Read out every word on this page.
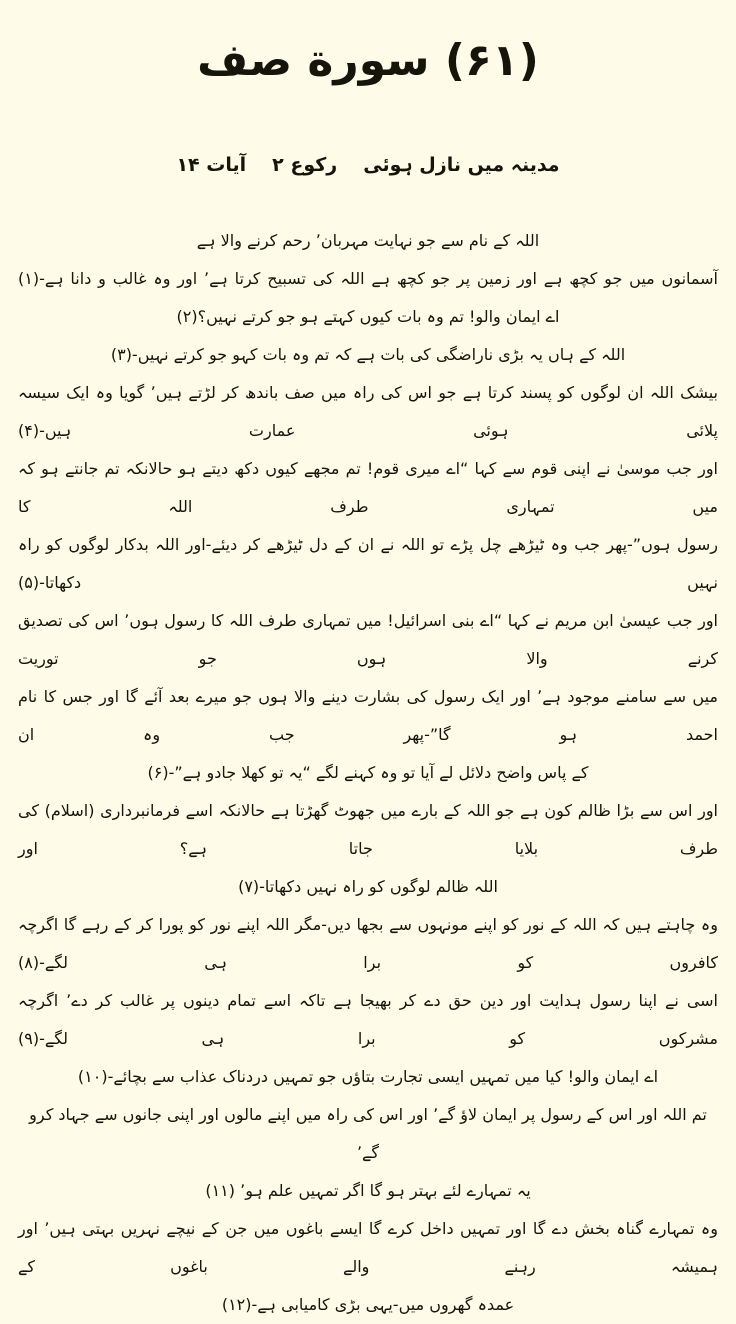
(۶۱) سورة صف
مدینہ میں نازل ہوئی
رکوع ۲
آیات ۱۴

اللہ کے نام سے جو نہایت مہربان٬ رحم کرنے والا ہے

آسمانوں میں جو کچھ ہے اور زمین پر جو کچھ ہے اللہ کی تسبیح کرتا ہے٬ اور وہ غالب و دانا ہے-(۱)

اے ایمان والو! تم وہ بات کیوں کہتے ہو جو کرتے نہیں؟(۲)

اللہ کے ہاں یہ بڑی ناراضگی کی بات ہے کہ تم وہ بات کہو جو کرتے نہیں-(۳)

بیشک اللہ ان لوگوں کو پسند کرتا ہے جو اس کی راہ میں صف باندھ کر لڑتے ہیں٬ گویا وہ ایک سیسہ پلائی ہوئی عمارت ہیں-(۴)

اور جب موسیٰ نے اپنی قوم سے کہا “اے میری قوم! تم مجھے کیوں دکھ دیتے ہو حالانکہ تم جانتے ہو کہ میں تمہاری طرف اللہ کا

رسول ہوں”-پھر جب وہ ٹیڑھے چل پڑے تو اللہ نے ان کے دل ٹیڑھے کر دیئے-اور اللہ بدکار لوگوں کو راہ نہیں دکھاتا-(۵)

اور جب عیسیٰ ابن مریم نے کہا “اے بنی اسرائیل! میں تمہاری طرف اللہ کا رسول ہوں٬ اس کی تصدیق کرنے والا ہوں جو توریت

میں سے سامنے موجود ہے٬ اور ایک رسول کی بشارت دینے والا ہوں جو میرے بعد آئے گا اور جس کا نام احمد ہو گا”-پھر جب وہ ان

کے پاس واضح دلائل لے آیا تو وہ کہنے لگے “یہ تو کھلا جادو ہے”-(۶)

اور اس سے بڑا ظالم کون ہے جو اللہ کے بارے میں جھوٹ گھڑتا ہے حالانکہ اسے فرمانبرداری (اسلام) کی طرف بلایا جاتا ہے؟ اور

اللہ ظالم لوگوں کو راہ نہیں دکھاتا-(۷)

وہ چاہتے ہیں کہ اللہ کے نور کو اپنے مونہوں سے بجھا دیں-مگر اللہ اپنے نور کو پورا کر کے رہے گا اگرچہ کافروں کو برا ہی لگے-(۸)

اسی نے اپنا رسول ہدایت اور دین حق دے کر بھیجا ہے تاکہ اسے تمام دینوں پر غالب کر دے٬ اگرچہ مشرکوں کو برا ہی لگے-(۹)

اے ایمان والو! کیا میں تمہیں ایسی تجارت بتاؤں جو تمہیں دردناک عذاب سے بچائے-(۱۰)

تم اللہ اور اس کے رسول پر ایمان لاؤ گے٬ اور اس کی راہ میں اپنے مالوں اور اپنی جانوں سے جہاد کرو گے٬

یہ تمہارے لئے بہتر ہو گا اگر تمہیں علم ہو٬ (۱۱)

وہ تمہارے گناہ بخش دے گا اور تمہیں داخل کرے گا ایسے باغوں میں جن کے نیچے نہریں بہتی ہیں٬ اور ہمیشہ رہنے والے باغوں کے

عمدہ گھروں میں-یہی بڑی کامیابی ہے-(۱۲)
